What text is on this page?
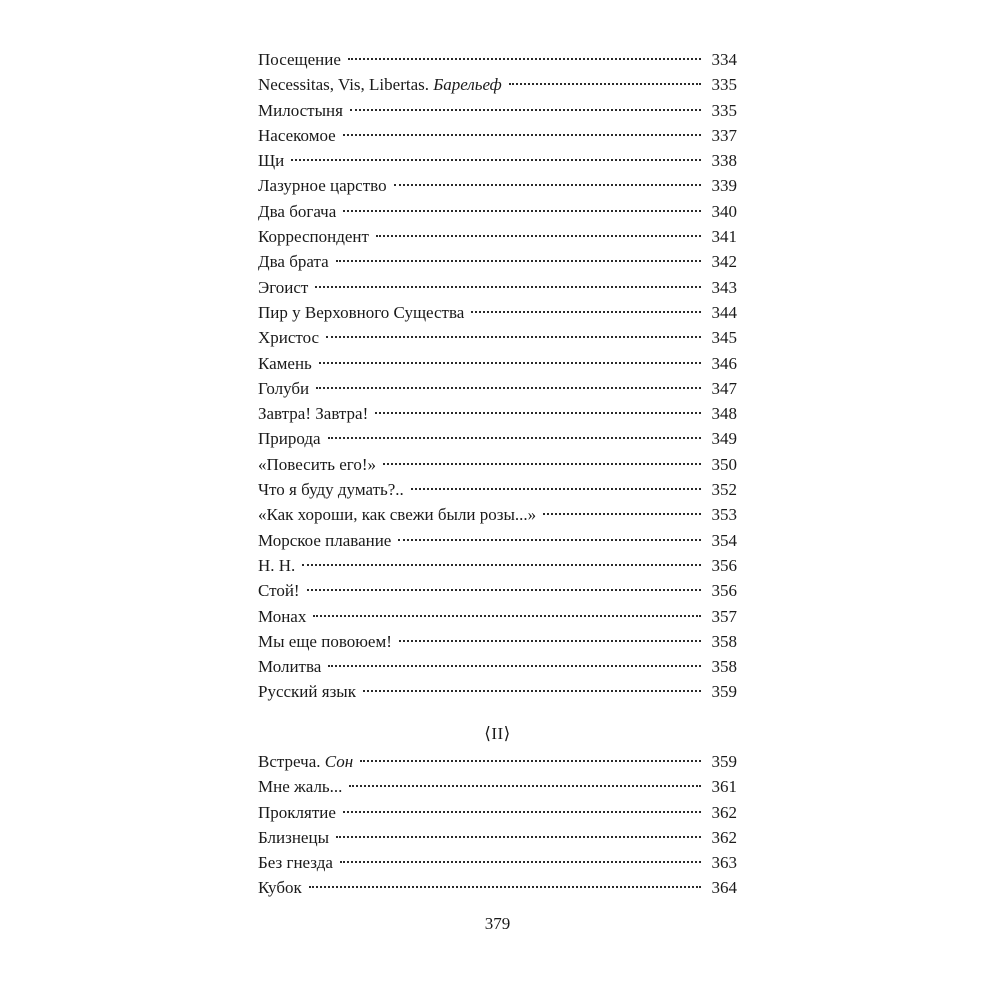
Посещение	334
Necessitas, Vis, Libertas. Барельеф	335
Милостыня	335
Насекомое	337
Щи	338
Лазурное царство	339
Два богача	340
Корреспондент	341
Два брата	342
Эгоист	343
Пир у Верховного Существа	344
Христос	345
Камень	346
Голуби	347
Завтра! Завтра!	348
Природа	349
«Повесить его!»	350
Что я буду думать?..	352
«Как хороши, как свежи были розы...»	353
Морское плавание	354
Н. Н.	356
Стой!	356
Монах	357
Мы еще повоюем!	358
Молитва	358
Русский язык	359
⟨II⟩
Встреча. Сон	359
Мне жаль...	361
Проклятие	362
Близнецы	362
Без гнезда	363
Кубок	364
379
